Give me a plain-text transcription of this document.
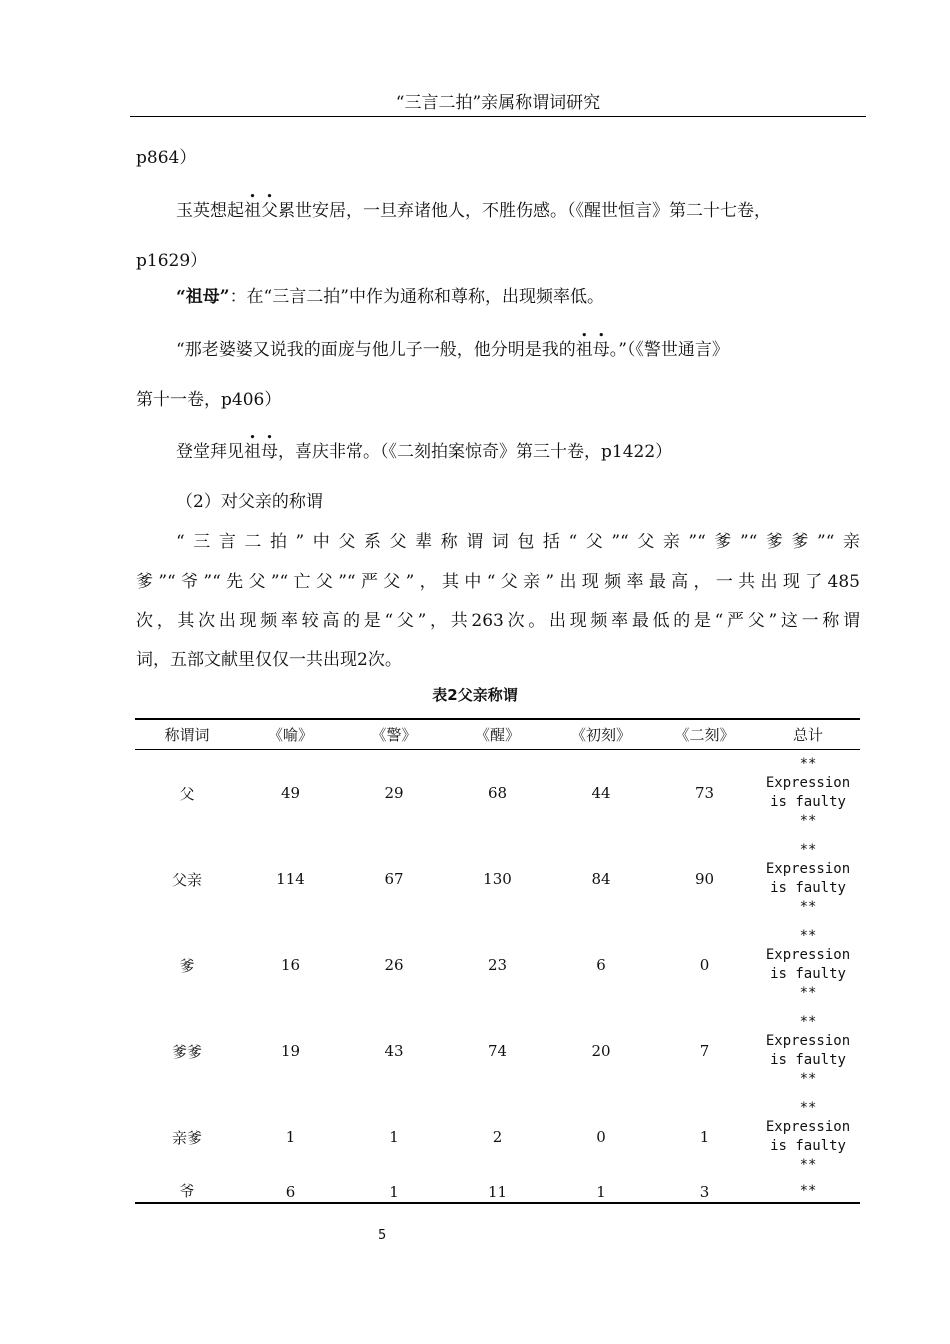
“三言二拍”亲属称谓词研究
p864）
玉英想起祖父累世安居，一旦弃诸他人，不胜伤感。（《醒世恒言》第二十七卷，
p1629）
“祖母”：在“三言二拍”中作为通称和尊称，出现频率低。
“那老婆婆又说我的面庞与他儿子一般，他分明是我的祖母。”（《警世通言》
第十一卷，p406）
登堂拜见祖母，喜庆非常。（《二刻拍案惊奇》第三十卷，p1422）
（2）对父亲的称谓
“三言二拍”中父系父辈称谓词包括“父”“父亲”“爹”“爹爹”“亲
爹”“爷”“先父”“亡父”“严父”，其中“父亲”出现频率最高，一共出现了485
次，其次出现频率较高的是“父”，共263次。出现频率最低的是“严父”这一称谓
词，五部文献里仅仅一共出现2次。
表2父亲称谓
称谓词	《喻》	《警》	《醒》	《初刻》	《二刻》	总计
父	49	29	68	44	73	**
Expression
is faulty
**

父亲	114	67	130	84	90	**
Expression
is faulty
**

爹	16	26	23	6	0	**
Expression
is faulty
**

爹爹	19	43	74	20	7	**
Expression
is faulty
**

亲爹	1	1	2	0	1	**
Expression
is faulty
**

爷	6	1	11	1	3	**
5
